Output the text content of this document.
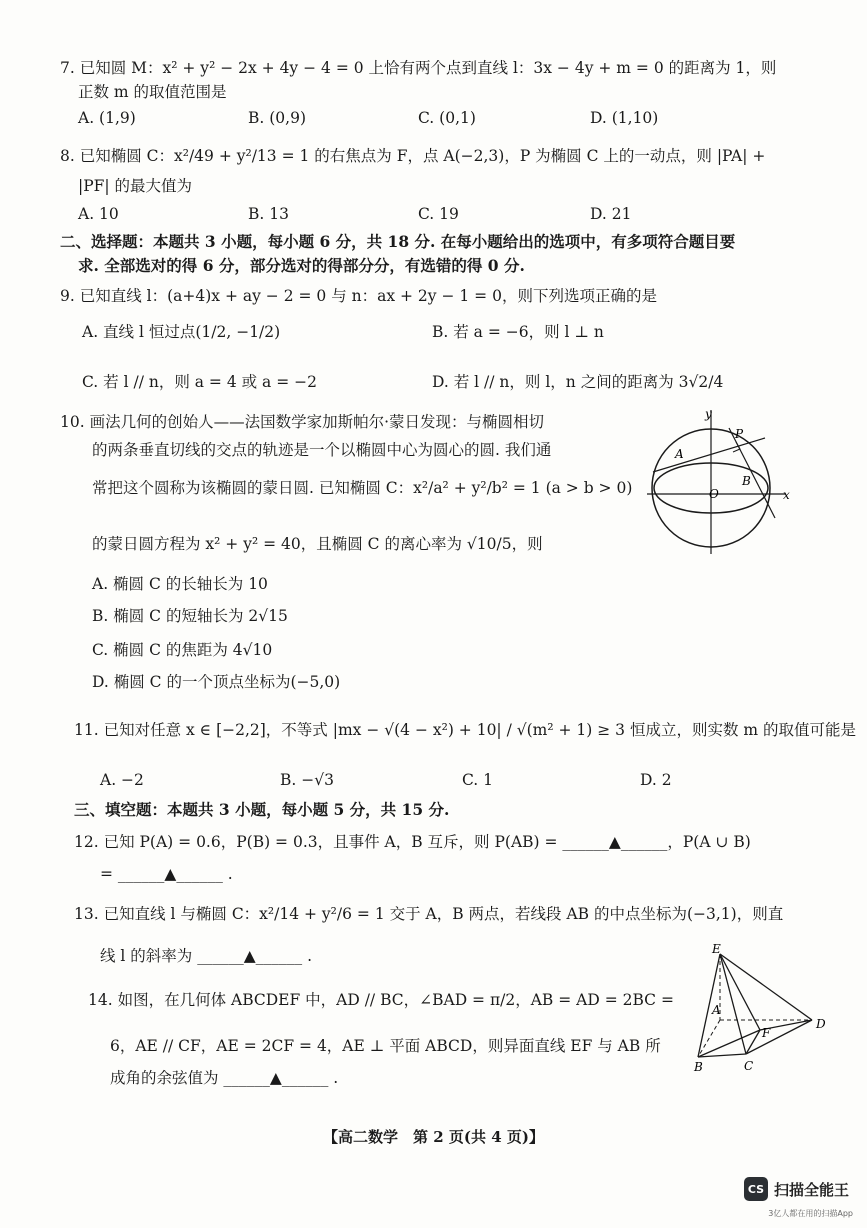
7. 已知圆 M：x² + y² − 2x + 4y − 4 = 0 上恰有两个点到直线 l：3x − 4y + m = 0 的距离为 1，则
正数 m 的取值范围是
A. (1,9)	B. (0,9)	C. (0,1)	D. (1,10)
8. 已知椭圆 C：x²/49 + y²/13 = 1 的右焦点为 F，点 A(−2,3)，P 为椭圆 C 上的一动点，则 |PA| +
|PF| 的最大值为
A. 10	B. 13	C. 19	D. 21
二、选择题：本题共 3 小题，每小题 6 分，共 18 分. 在每小题给出的选项中，有多项符合题目要
求. 全部选对的得 6 分，部分选对的得部分分，有选错的得 0 分.
9. 已知直线 l：(a+4)x + ay − 2 = 0 与 n：ax + 2y − 1 = 0，则下列选项正确的是
A. 直线 l 恒过点(1/2, −1/2)	B. 若 a = −6，则 l ⊥ n
C. 若 l // n，则 a = 4 或 a = −2	D. 若 l // n，则 l，n 之间的距离为 3√2/4
10. 画法几何的创始人——法国数学家加斯帕尔·蒙日发现：与椭圆相切
的两条垂直切线的交点的轨迹是一个以椭圆中心为圆心的圆. 我们通
常把这个圆称为该椭圆的蒙日圆. 已知椭圆 C：x²/a² + y²/b² = 1 (a > b > 0)
的蒙日圆方程为 x² + y² = 40，且椭圆 C 的离心率为 √10/5，则
A. 椭圆 C 的长轴长为 10
B. 椭圆 C 的短轴长为 2√15
C. 椭圆 C 的焦距为 4√10
D. 椭圆 C 的一个顶点坐标为(−5,0)
y
x
O
A
B
P
11. 已知对任意 x ∈ [−2,2]，不等式 |mx − √(4 − x²) + 10| / √(m² + 1) ≥ 3 恒成立，则实数 m 的取值可能是
A. −2	B. −√3	C. 1	D. 2
三、填空题：本题共 3 小题，每小题 5 分，共 15 分.
12. 已知 P(A) = 0.6，P(B) = 0.3，且事件 A，B 互斥，则 P(AB) = ______▲______，P(A ∪ B)
= ______▲______ .
13. 已知直线 l 与椭圆 C：x²/14 + y²/6 = 1 交于 A，B 两点，若线段 AB 的中点坐标为(−3,1)，则直
线 l 的斜率为 ______▲______ .
14. 如图，在几何体 ABCDEF 中，AD // BC，∠BAD = π/2，AB = AD = 2BC =
6，AE // CF，AE = 2CF = 4，AE ⊥ 平面 ABCD，则异面直线 EF 与 AB 所
成角的余弦值为 ______▲______ .
E
A
F
D
B	C
【高二数学　第 2 页(共 4 页)】
CS 扫描全能王
3亿人都在用的扫描App
